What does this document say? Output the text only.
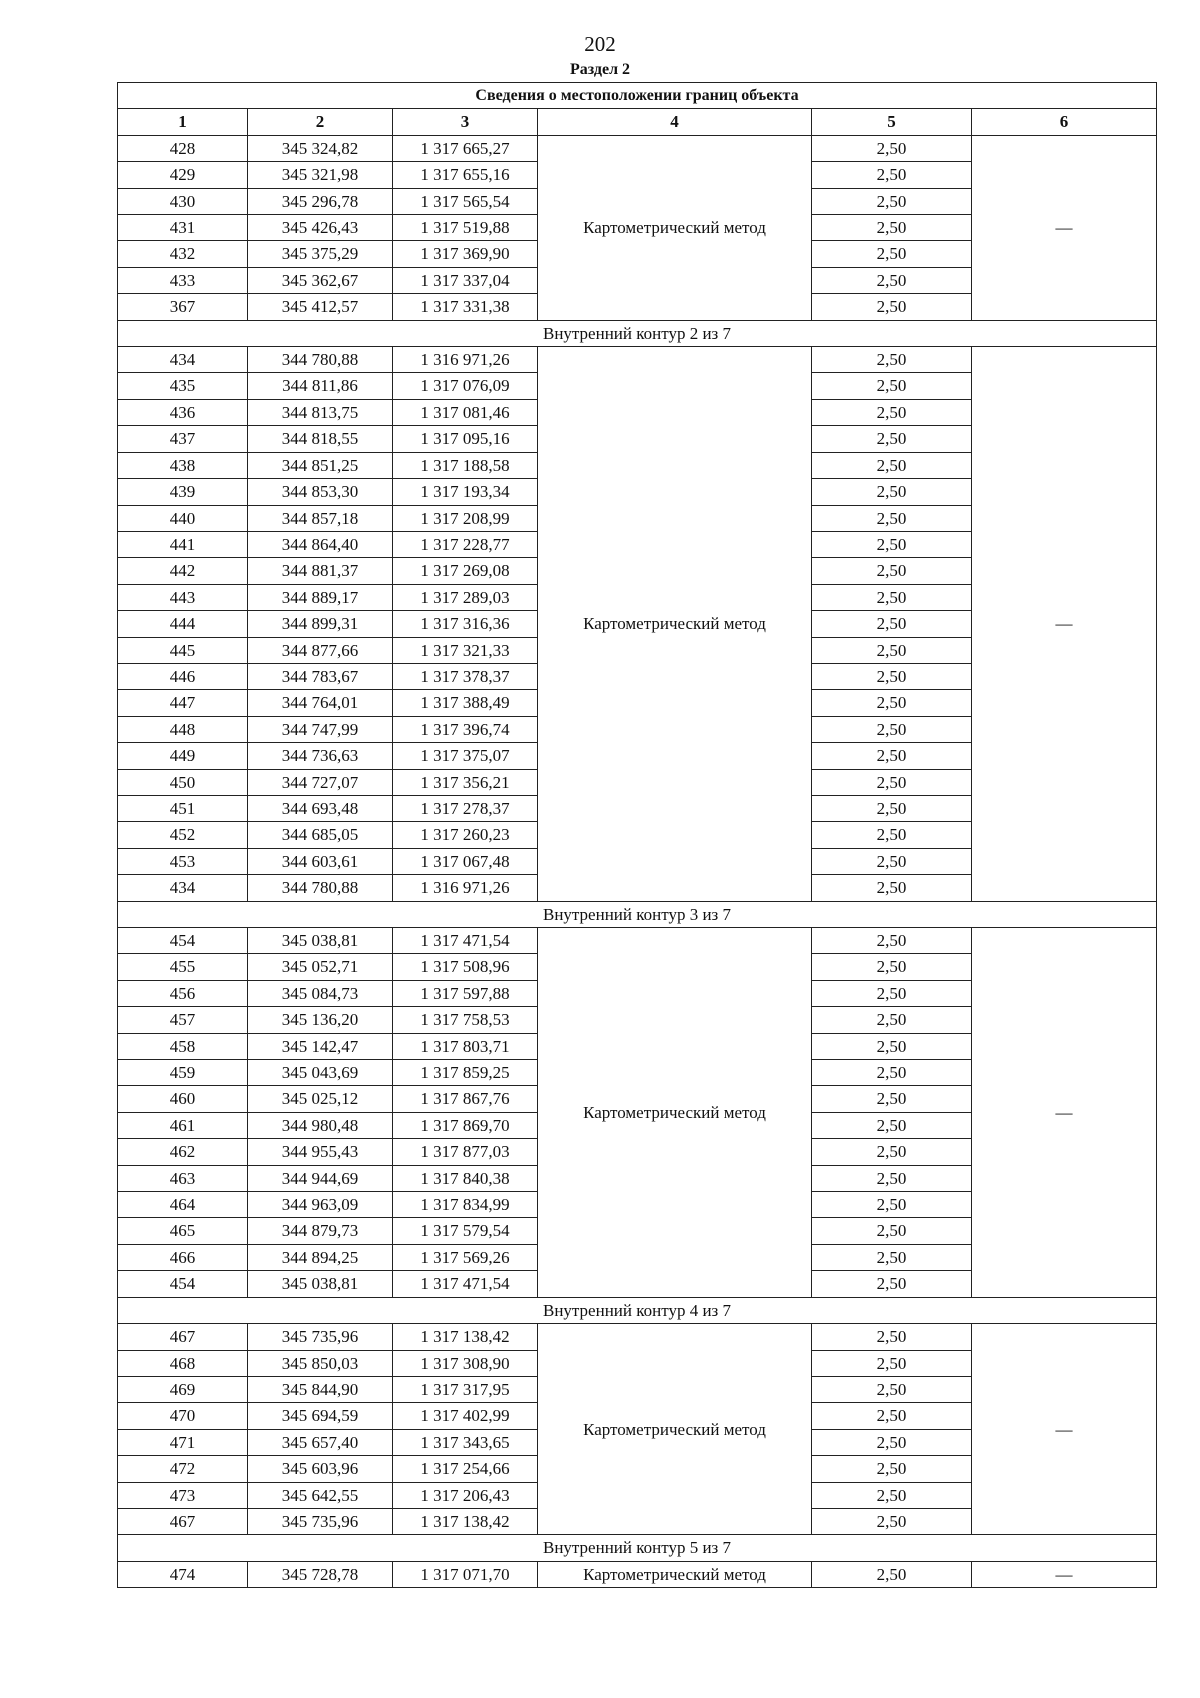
202
Раздел 2
Сведения о местоположении границ объекта					
1	2	3	4	5	6
428	345 324,82	1 317 665,27	Картометрический метод	2,50	—
429	345 321,98	1 317 655,16		2,50	
430	345 296,78	1 317 565,54		2,50	
431	345 426,43	1 317 519,88		2,50	
432	345 375,29	1 317 369,90		2,50	
433	345 362,67	1 317 337,04		2,50	
367	345 412,57	1 317 331,38		2,50	
Внутренний контур 2 из 7					
434	344 780,88	1 316 971,26	Картометрический метод	2,50	—
435	344 811,86	1 317 076,09		2,50	
436	344 813,75	1 317 081,46		2,50	
437	344 818,55	1 317 095,16		2,50	
438	344 851,25	1 317 188,58		2,50	
439	344 853,30	1 317 193,34		2,50	
440	344 857,18	1 317 208,99		2,50	
441	344 864,40	1 317 228,77		2,50	
442	344 881,37	1 317 269,08		2,50	
443	344 889,17	1 317 289,03		2,50	
444	344 899,31	1 317 316,36		2,50	
445	344 877,66	1 317 321,33		2,50	
446	344 783,67	1 317 378,37		2,50	
447	344 764,01	1 317 388,49		2,50	
448	344 747,99	1 317 396,74		2,50	
449	344 736,63	1 317 375,07		2,50	
450	344 727,07	1 317 356,21		2,50	
451	344 693,48	1 317 278,37		2,50	
452	344 685,05	1 317 260,23		2,50	
453	344 603,61	1 317 067,48		2,50	
434	344 780,88	1 316 971,26		2,50	
Внутренний контур 3 из 7					
454	345 038,81	1 317 471,54	Картометрический метод	2,50	—
455	345 052,71	1 317 508,96		2,50	
456	345 084,73	1 317 597,88		2,50	
457	345 136,20	1 317 758,53		2,50	
458	345 142,47	1 317 803,71		2,50	
459	345 043,69	1 317 859,25		2,50	
460	345 025,12	1 317 867,76		2,50	
461	344 980,48	1 317 869,70		2,50	
462	344 955,43	1 317 877,03		2,50	
463	344 944,69	1 317 840,38		2,50	
464	344 963,09	1 317 834,99		2,50	
465	344 879,73	1 317 579,54		2,50	
466	344 894,25	1 317 569,26		2,50	
454	345 038,81	1 317 471,54		2,50	
Внутренний контур 4 из 7					
467	345 735,96	1 317 138,42	Картометрический метод	2,50	—
468	345 850,03	1 317 308,90		2,50	
469	345 844,90	1 317 317,95		2,50	
470	345 694,59	1 317 402,99		2,50	
471	345 657,40	1 317 343,65		2,50	
472	345 603,96	1 317 254,66		2,50	
473	345 642,55	1 317 206,43		2,50	
467	345 735,96	1 317 138,42		2,50	
Внутренний контур 5 из 7					
474	345 728,78	1 317 071,70	Картометрический метод	2,50	—
